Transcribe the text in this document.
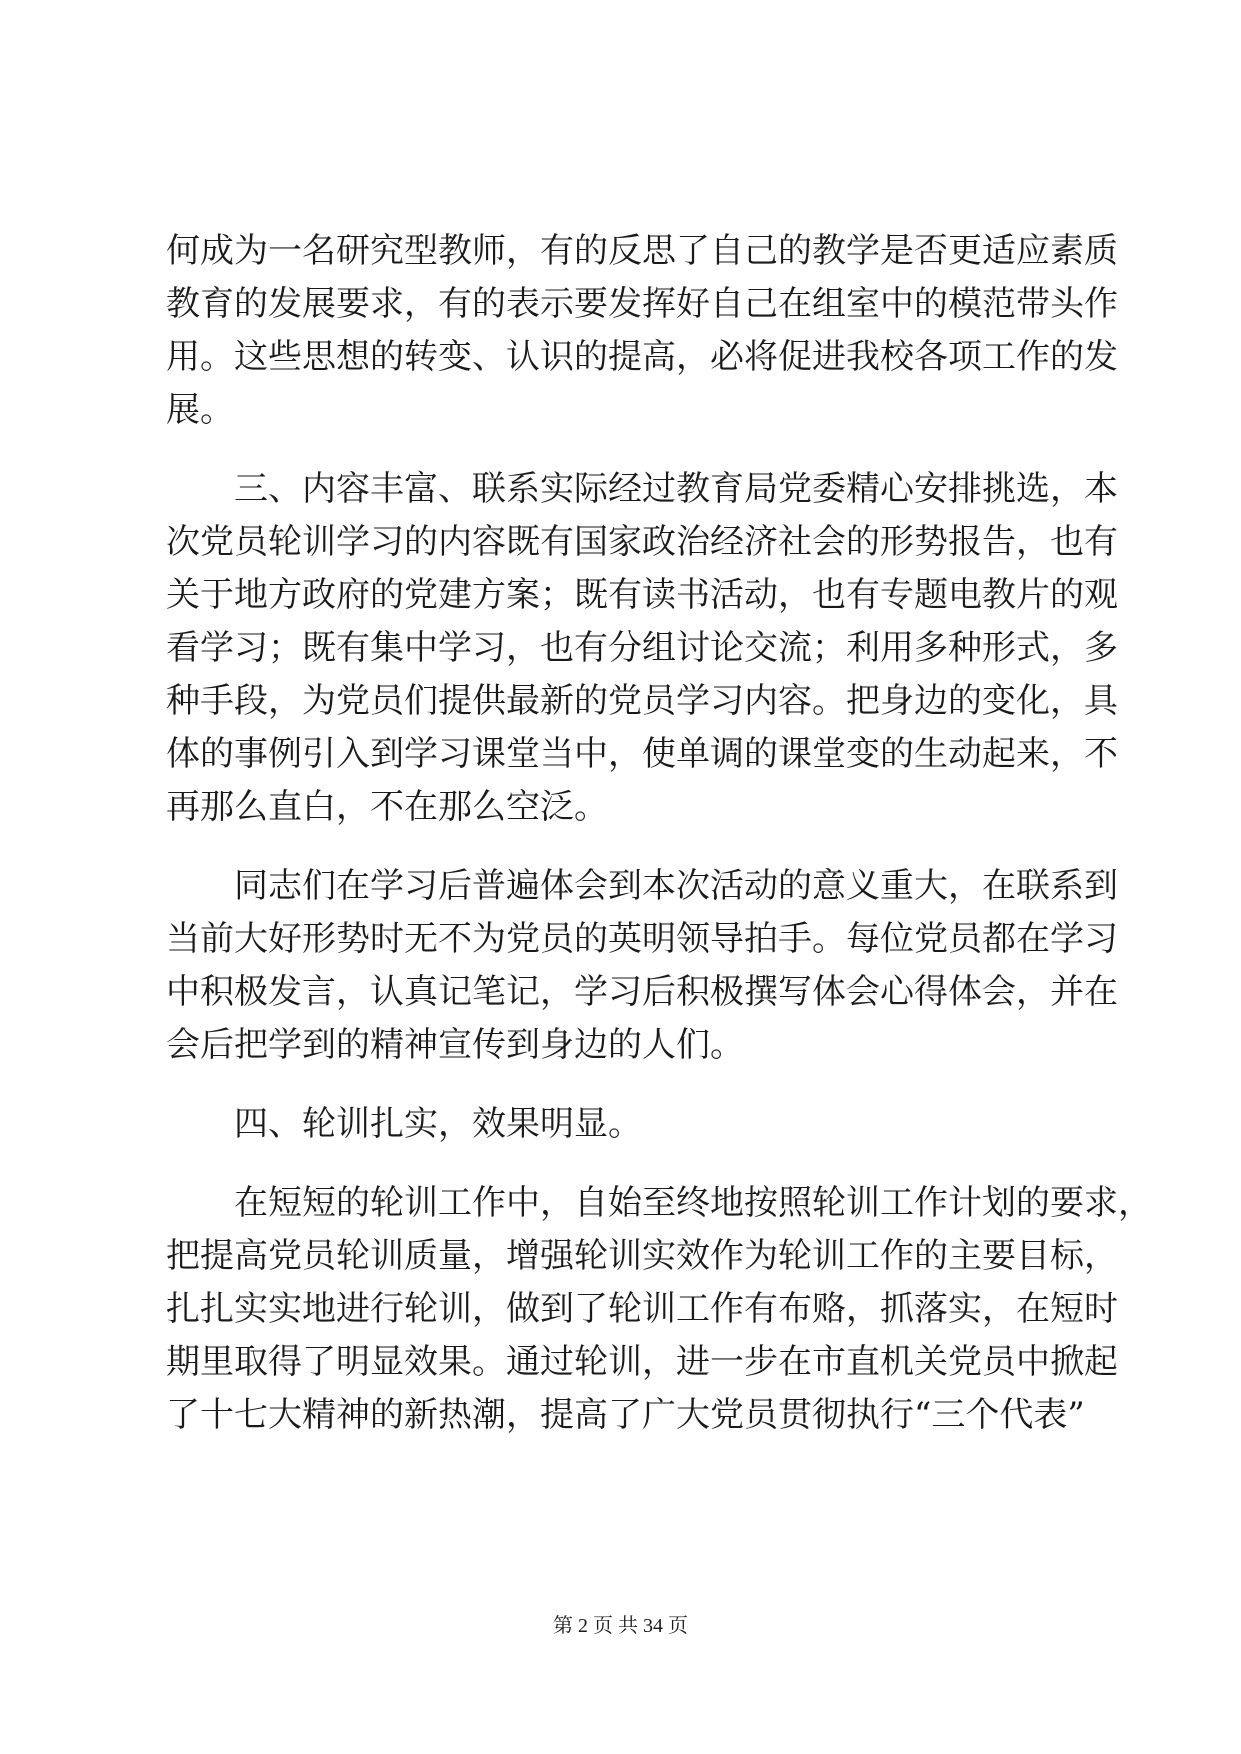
何成为一名研究型教师，有的反思了自己的教学是否更适应素质
教育的发展要求，有的表示要发挥好自己在组室中的模范带头作
用。这些思想的转变、认识的提高，必将促进我校各项工作的发
展。
三、内容丰富、联系实际经过教育局党委精心安排挑选，本
次党员轮训学习的内容既有国家政治经济社会的形势报告，也有
关于地方政府的党建方案；既有读书活动，也有专题电教片的观
看学习；既有集中学习，也有分组讨论交流；利用多种形式，多
种手段，为党员们提供最新的党员学习内容。把身边的变化，具
体的事例引入到学习课堂当中，使单调的课堂变的生动起来，不
再那么直白，不在那么空泛。
同志们在学习后普遍体会到本次活动的意义重大，在联系到
当前大好形势时无不为党员的英明领导拍手。每位党员都在学习
中积极发言，认真记笔记，学习后积极撰写体会心得体会，并在
会后把学到的精神宣传到身边的人们。
四、轮训扎实，效果明显。
在短短的轮训工作中，自始至终地按照轮训工作计划的要求，
把提高党员轮训质量，增强轮训实效作为轮训工作的主要目标，
扎扎实实地进行轮训，做到了轮训工作有布赂，抓落实，在短时
期里取得了明显效果。通过轮训，进一步在市直机关党员中掀起
了十七大精神的新热潮，提高了广大党员贯彻执行“三个代表”
第 2 页 共 34 页
